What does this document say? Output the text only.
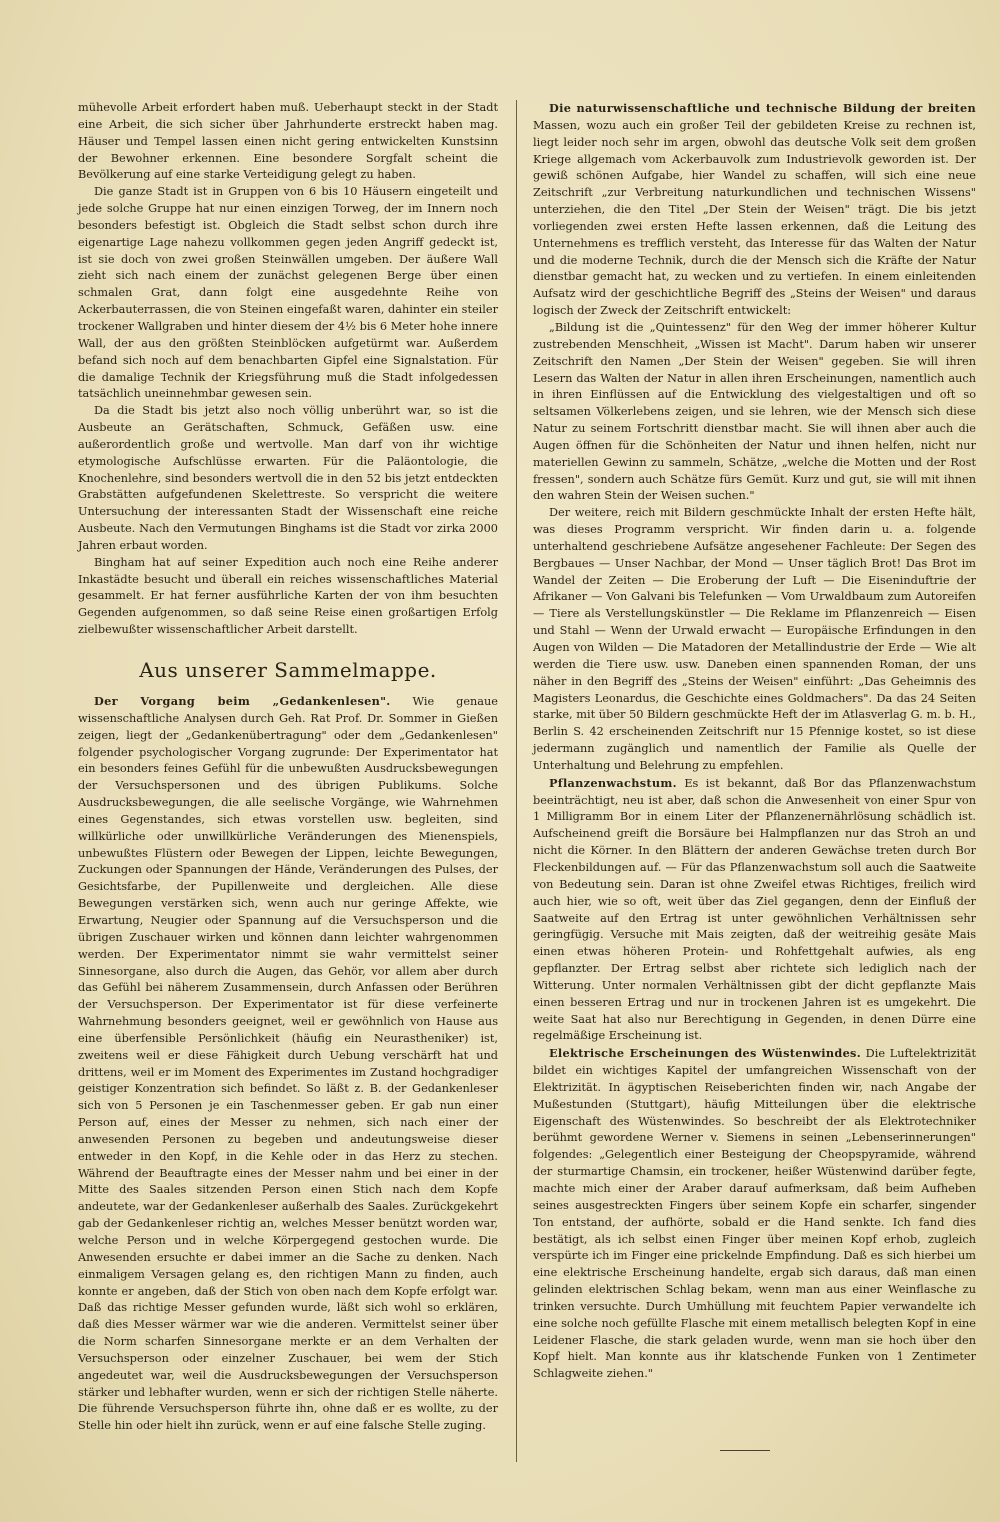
mühevolle Arbeit erfordert haben muß. Ueberhaupt steckt in der Stadt eine Arbeit, die sich sicher über Jahrhunderte erstreckt haben mag. Häuser und Tempel lassen einen nicht gering entwickelten Kunstsinn der Bewohner erkennen. Eine besondere Sorgfalt scheint die Bevölkerung auf eine starke Verteidigung gelegt zu haben.

Die ganze Stadt ist in Gruppen von 6 bis 10 Häusern eingeteilt und jede solche Gruppe hat nur einen einzigen Torweg, der im Innern noch besonders befestigt ist. Obgleich die Stadt selbst schon durch ihre eigenartige Lage nahezu vollkommen gegen jeden Angriff gedeckt ist, ist sie doch von zwei großen Steinwällen umgeben. Der äußere Wall zieht sich nach einem der zunächst gelegenen Berge über einen schmalen Grat, dann folgt eine ausgedehnte Reihe von Ackerbauterrassen, die von Steinen eingefaßt waren, dahinter ein steiler trockener Wallgraben und hinter diesem der 4½ bis 6 Meter hohe innere Wall, der aus den größten Steinblöcken aufgetürmt war. Außerdem befand sich noch auf dem benachbarten Gipfel eine Signalstation. Für die damalige Technik der Kriegsführung muß die Stadt infolgedessen tatsächlich uneinnehmbar gewesen sein.

Da die Stadt bis jetzt also noch völlig unberührt war, so ist die Ausbeute an Gerätschaften, Schmuck, Gefäßen usw. eine außerordentlich große und wertvolle. Man darf von ihr wichtige etymologische Aufschlüsse erwarten. Für die Paläontologie, die Knochenlehre, sind besonders wertvoll die in den 52 bis jetzt entdeckten Grabstätten aufgefundenen Skelettreste. So verspricht die weitere Untersuchung der interessanten Stadt der Wissenschaft eine reiche Ausbeute. Nach den Vermutungen Binghams ist die Stadt vor zirka 2000 Jahren erbaut worden.

Bingham hat auf seiner Expedition auch noch eine Reihe anderer Inkastädte besucht und überall ein reiches wissenschaftliches Material gesammelt. Er hat ferner ausführliche Karten der von ihm besuchten Gegenden aufgenommen, so daß seine Reise einen großartigen Erfolg zielbewußter wissenschaftlicher Arbeit darstellt.

Aus unserer Sammelmappe.

Der Vorgang beim „Gedankenlesen". Wie genaue wissenschaftliche Analysen durch Geh. Rat Prof. Dr. Sommer in Gießen zeigen, liegt der „Gedankenübertragung" oder dem „Gedankenlesen" folgender psychologischer Vorgang zugrunde: Der Experimentator hat ein besonders feines Gefühl für die unbewußten Ausdrucksbewegungen der Versuchspersonen und des übrigen Publikums. Solche Ausdrucksbewegungen, die alle seelische Vorgänge, wie Wahrnehmen eines Gegenstandes, sich etwas vorstellen usw. begleiten, sind willkürliche oder unwillkürliche Veränderungen des Mienenspiels, unbewußtes Flüstern oder Bewegen der Lippen, leichte Bewegungen, Zuckungen oder Spannungen der Hände, Veränderungen des Pulses, der Gesichtsfarbe, der Pupillenweite und dergleichen. Alle diese Bewegungen verstärken sich, wenn auch nur geringe Affekte, wie Erwartung, Neugier oder Spannung auf die Versuchsperson und die übrigen Zuschauer wirken und können dann leichter wahrgenommen werden. Der Experimentator nimmt sie wahr vermittelst seiner Sinnesorgane, also durch die Augen, das Gehör, vor allem aber durch das Gefühl bei näherem Zusammensein, durch Anfassen oder Berühren der Versuchsperson. Der Experimentator ist für diese verfeinerte Wahrnehmung besonders geeignet, weil er gewöhnlich von Hause aus eine überfensible Persönlichkeit (häufig ein Neurastheniker) ist, zweitens weil er diese Fähigkeit durch Uebung verschärft hat und drittens, weil er im Moment des Experimentes im Zustand hochgradiger geistiger Konzentration sich befindet. So läßt z. B. der Gedankenleser sich von 5 Personen je ein Taschenmesser geben. Er gab nun einer Person auf, eines der Messer zu nehmen, sich nach einer der anwesenden Personen zu begeben und andeutungsweise dieser entweder in den Kopf, in die Kehle oder in das Herz zu stechen. Während der Beauftragte eines der Messer nahm und bei einer in der Mitte des Saales sitzenden Person einen Stich nach dem Kopfe andeutete, war der Gedankenleser außerhalb des Saales. Zurückgekehrt gab der Gedankenleser richtig an, welches Messer benützt worden war, welche Person und in welche Körpergegend gestochen wurde. Die Anwesenden ersuchte er dabei immer an die Sache zu denken. Nach einmaligem Versagen gelang es, den richtigen Mann zu finden, auch konnte er angeben, daß der Stich von oben nach dem Kopfe erfolgt war. Daß das richtige Messer gefunden wurde, läßt sich wohl so erklären, daß dies Messer wärmer war wie die anderen. Vermittelst seiner über die Norm scharfen Sinnesorgane merkte er an dem Verhalten der Versuchsperson oder einzelner Zuschauer, bei wem der Stich angedeutet war, weil die Ausdrucksbewegungen der Versuchsperson stärker und lebhafter wurden, wenn er sich der richtigen Stelle näherte. Die führende Versuchsperson führte ihn, ohne daß er es wollte, zu der Stelle hin oder hielt ihn zurück, wenn er auf eine falsche Stelle zuging.

Die naturwissenschaftliche und technische Bildung der breiten Massen, wozu auch ein großer Teil der gebildeten Kreise zu rechnen ist, liegt leider noch sehr im argen, obwohl das deutsche Volk seit dem großen Kriege allgemach vom Ackerbauvolk zum Industrievolk geworden ist. Der gewiß schönen Aufgabe, hier Wandel zu schaffen, will sich eine neue Zeitschrift „zur Verbreitung naturkundlichen und technischen Wissens" unterziehen, die den Titel „Der Stein der Weisen" trägt. Die bis jetzt vorliegenden zwei ersten Hefte lassen erkennen, daß die Leitung des Unternehmens es trefflich versteht, das Interesse für das Walten der Natur und die moderne Technik, durch die der Mensch sich die Kräfte der Natur dienstbar gemacht hat, zu wecken und zu vertiefen. In einem einleitenden Aufsatz wird der geschichtliche Begriff des „Steins der Weisen" und daraus logisch der Zweck der Zeitschrift entwickelt:

„Bildung ist die „Quintessenz" für den Weg der immer höherer Kultur zustrebenden Menschheit, „Wissen ist Macht". Darum haben wir unserer Zeitschrift den Namen „Der Stein der Weisen" gegeben. Sie will ihren Lesern das Walten der Natur in allen ihren Erscheinungen, namentlich auch in ihren Einflüssen auf die Entwicklung des vielgestaltigen und oft so seltsamen Völkerlebens zeigen, und sie lehren, wie der Mensch sich diese Natur zu seinem Fortschritt dienstbar macht. Sie will ihnen aber auch die Augen öffnen für die Schönheiten der Natur und ihnen helfen, nicht nur materiellen Gewinn zu sammeln, Schätze, „welche die Motten und der Rost fressen", sondern auch Schätze fürs Gemüt. Kurz und gut, sie will mit ihnen den wahren Stein der Weisen suchen."

Der weitere, reich mit Bildern geschmückte Inhalt der ersten Hefte hält, was dieses Programm verspricht. Wir finden darin u. a. folgende unterhaltend geschriebene Aufsätze angesehener Fachleute: Der Segen des Bergbaues — Unser Nachbar, der Mond — Unser täglich Brot! Das Brot im Wandel der Zeiten — Die Eroberung der Luft — Die Eiseninduftrie der Afrikaner — Von Galvani bis Telefunken — Vom Urwaldbaum zum Autoreifen — Tiere als Verstellungskünstler — Die Reklame im Pflanzenreich — Eisen und Stahl — Wenn der Urwald erwacht — Europäische Erfindungen in den Augen von Wilden — Die Matadoren der Metallindustrie der Erde — Wie alt werden die Tiere usw. usw. Daneben einen spannenden Roman, der uns näher in den Begriff des „Steins der Weisen" einführt: „Das Geheimnis des Magisters Leonardus, die Geschichte eines Goldmachers". Da das 24 Seiten starke, mit über 50 Bildern geschmückte Heft der im Atlasverlag G. m. b. H., Berlin S. 42 erscheinenden Zeitschrift nur 15 Pfennige kostet, so ist diese jedermann zugänglich und namentlich der Familie als Quelle der Unterhaltung und Belehrung zu empfehlen.

Pflanzenwachstum. Es ist bekannt, daß Bor das Pflanzenwachstum beeinträchtigt, neu ist aber, daß schon die Anwesenheit von einer Spur von 1 Milligramm Bor in einem Liter der Pflanzenernährlösung schädlich ist. Aufscheinend greift die Borsäure bei Halmpflanzen nur das Stroh an und nicht die Körner. In den Blättern der anderen Gewächse treten durch Bor Fleckenbildungen auf. — Für das Pflanzenwachstum soll auch die Saatweite von Bedeutung sein. Daran ist ohne Zweifel etwas Richtiges, freilich wird auch hier, wie so oft, weit über das Ziel gegangen, denn der Einfluß der Saatweite auf den Ertrag ist unter gewöhnlichen Verhältnissen sehr geringfügig. Versuche mit Mais zeigten, daß der weitreihig gesäte Mais einen etwas höheren Protein- und Rohfettgehalt aufwies, als eng gepflanzter. Der Ertrag selbst aber richtete sich lediglich nach der Witterung. Unter normalen Verhältnissen gibt der dicht gepflanzte Mais einen besseren Ertrag und nur in trockenen Jahren ist es umgekehrt. Die weite Saat hat also nur Berechtigung in Gegenden, in denen Dürre eine regelmäßige Erscheinung ist.

Elektrische Erscheinungen des Wüstenwindes. Die Luftelektrizität bildet ein wichtiges Kapitel der umfangreichen Wissenschaft von der Elektrizität. In ägyptischen Reiseberichten finden wir, nach Angabe der Mußestunden (Stuttgart), häufig Mitteilungen über die elektrische Eigenschaft des Wüstenwindes. So beschreibt der als Elektrotechniker berühmt gewordene Werner v. Siemens in seinen „Lebenserinnerungen" folgendes: „Gelegentlich einer Besteigung der Cheopspyramide, während der sturmartige Chamsin, ein trockener, heißer Wüstenwind darüber fegte, machte mich einer der Araber darauf aufmerksam, daß beim Aufheben seines ausgestreckten Fingers über seinem Kopfe ein scharfer, singender Ton entstand, der aufhörte, sobald er die Hand senkte. Ich fand dies bestätigt, als ich selbst einen Finger über meinen Kopf erhob, zugleich verspürte ich im Finger eine prickelnde Empfindung. Daß es sich hierbei um eine elektrische Erscheinung handelte, ergab sich daraus, daß man einen gelinden elektrischen Schlag bekam, wenn man aus einer Weinflasche zu trinken versuchte. Durch Umhüllung mit feuchtem Papier verwandelte ich eine solche noch gefüllte Flasche mit einem metallisch belegten Kopf in eine Leidener Flasche, die stark geladen wurde, wenn man sie hoch über den Kopf hielt. Man konnte aus ihr klatschende Funken von 1 Zentimeter Schlagweite ziehen."
